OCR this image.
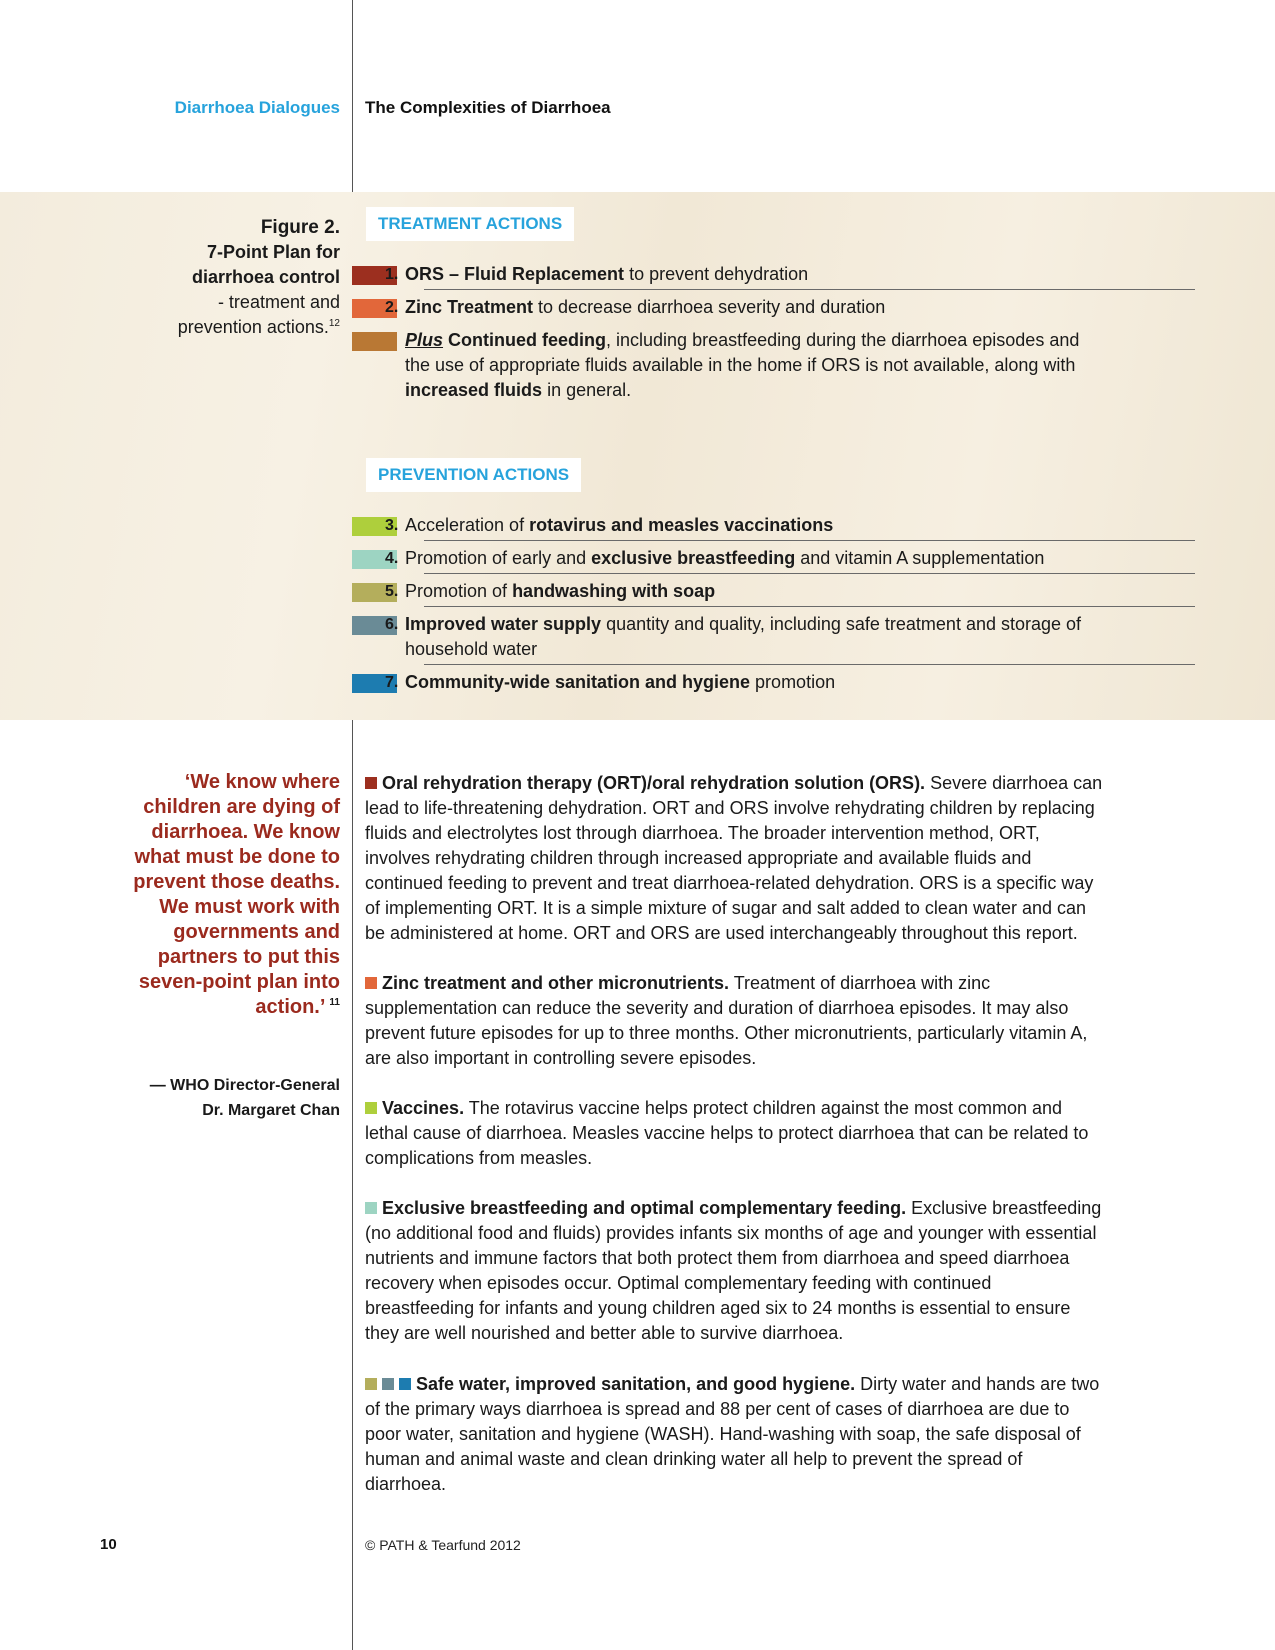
Diarrhoea Dialogues The Complexities of Diarrhoea
Figure 2.
7-Point Plan for
diarrhoea control
- treatment and
prevention actions.$^{12}$
TREATMENT ACTIONS
1. ORS – Fluid Replacement to prevent dehydration
2. Zinc Treatment to decrease diarrhoea severity and duration
Plus Continued feeding, including breastfeeding during the diarrhoea episodes and the use of appropriate fluids available in the home if ORS is not available, along with increased fluids in general.
PREVENTION ACTIONS
3. Acceleration of rotavirus and measles vaccinations
4. Promotion of early and exclusive breastfeeding and vitamin A supplementation
5. Promotion of handwashing with soap
6. Improved water supply quantity and quality, including safe treatment and storage of household water
7. Community-wide sanitation and hygiene promotion
‘We know where children are dying of diarrhoea. We know what must be done to prevent those deaths. We must work with governments and partners to put this seven-point plan into action.’ $^{11}$
— WHO Director-General
Dr. Margaret Chan
Oral rehydration therapy (ORT)/oral rehydration solution (ORS). Severe diarrhoea can lead to life-threatening dehydration. ORT and ORS involve rehydrating children by replacing fluids and electrolytes lost through diarrhoea. The broader intervention method, ORT, involves rehydrating children through increased appropriate and available fluids and continued feeding to prevent and treat diarrhoea-related dehydration. ORS is a specific way of implementing ORT. It is a simple mixture of sugar and salt added to clean water and can be administered at home. ORT and ORS are used interchangeably throughout this report.
Zinc treatment and other micronutrients. Treatment of diarrhoea with zinc supplementation can reduce the severity and duration of diarrhoea episodes. It may also prevent future episodes for up to three months. Other micronutrients, particularly vitamin A, are also important in controlling severe episodes.
Vaccines. The rotavirus vaccine helps protect children against the most common and lethal cause of diarrhoea. Measles vaccine helps to protect diarrhoea that can be related to complications from measles.
Exclusive breastfeeding and optimal complementary feeding. Exclusive breastfeeding (no additional food and fluids) provides infants six months of age and younger with essential nutrients and immune factors that both protect them from diarrhoea and speed diarrhoea recovery when episodes occur. Optimal complementary feeding with continued breastfeeding for infants and young children aged six to 24 months is essential to ensure they are well nourished and better able to survive diarrhoea.
Safe water, improved sanitation, and good hygiene. Dirty water and hands are two of the primary ways diarrhoea is spread and 88 per cent of cases of diarrhoea are due to poor water, sanitation and hygiene (WASH). Hand-washing with soap, the safe disposal of human and animal waste and clean drinking water all help to prevent the spread of diarrhoea.
10	© PATH & Tearfund 2012
